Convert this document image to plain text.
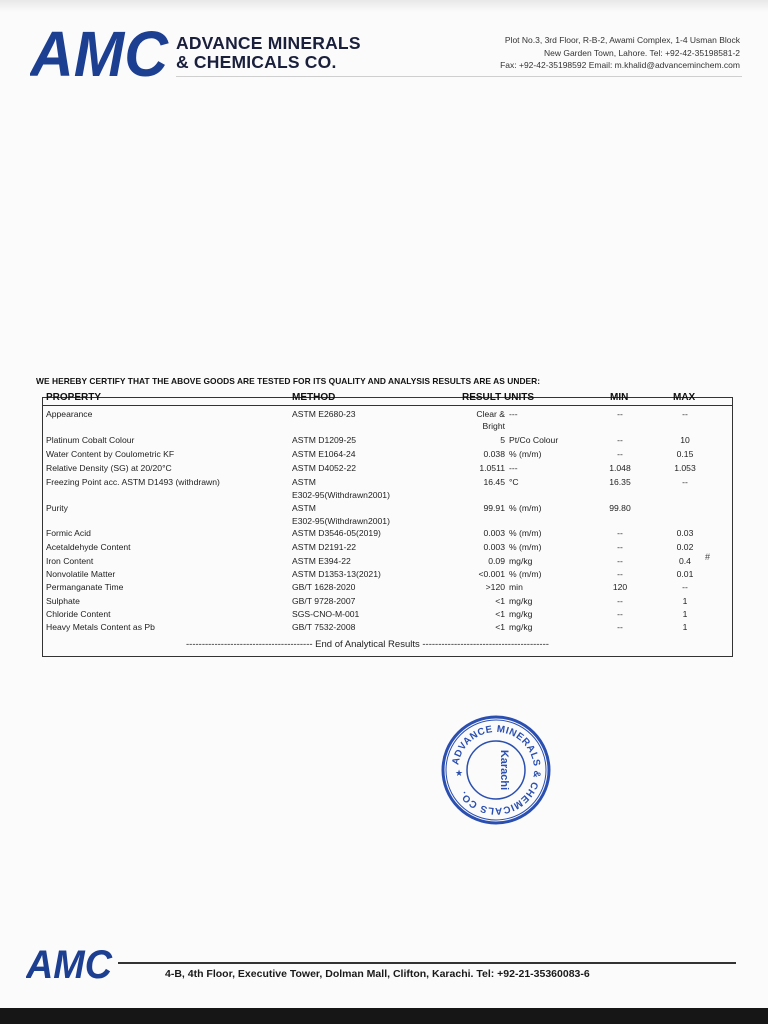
AMC ADVANCE MINERALS
& CHEMICALS CO.
Plot No.3, 3rd Floor, R-B-2, Awami Complex, 1-4 Usman Block
New Garden Town, Lahore. Tel: +92-42-35198581-2
Fax: +92-42-35198592 Email: m.khalid@advanceminchem.com
WE HEREBY CERTIFY THAT THE ABOVE GOODS ARE TESTED FOR ITS QUALITY AND ANALYSIS RESULTS ARE AS UNDER:
PROPERTY	METHOD	RESULT UNITS	MIN	MAX
Appearance	ASTM E2680-23	Clear & ---	--	--
Bright
Platinum Cobalt Colour	ASTM D1209-25	5 Pt/Co Colour	--	10
Water Content by Coulometric KF	ASTM E1064-24	0.038 % (m/m)	--	0.15
Relative Density (SG) at 20/20°C	ASTM D4052-22	1.0511 ---	1.048	1.053
Freezing Point acc. ASTM D1493 (withdrawn)	ASTM	16.45 °C	16.35	--
E302-95(Withdrawn2001)
Purity	ASTM	99.91 % (m/m)	99.80
E302-95(Withdrawn2001)
Formic Acid	ASTM D3546-05(2019)	0.003 % (m/m)	--	0.03
Acetaldehyde Content	ASTM D2191-22	0.003 % (m/m)	--	0.02
Iron Content	ASTM E394-22	0.09 mg/kg	--	0.4
Nonvolatile Matter	ASTM D1353-13(2021)	<0.001 % (m/m)	--	0.01
Permanganate Time	GB/T 1628-2020	>120 min	120	--
Sulphate	GB/T 9728-2007	<1 mg/kg	--	1
Chloride Content	SGS-CNO-M-001	<1 mg/kg	--	1
Heavy Metals Content as Pb	GB/T 7532-2008	<1 mg/kg	--	1
---------------------------------------- End of Analytical Results ----------------------------------------
#
ADVANCE MINERALS & CHEMICALS CO.
Karachi
★
AMC	4-B, 4th Floor, Executive Tower, Dolman Mall, Clifton, Karachi. Tel: +92-21-35360083-6
